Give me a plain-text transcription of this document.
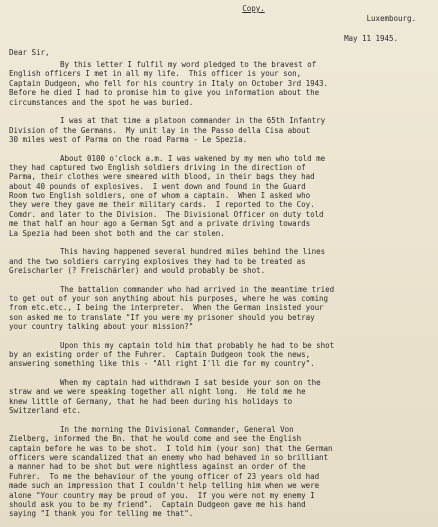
Copy.
Luxembourg.
May 11 1945.
Dear Sir,
By this letter I fulfil my word pledged to the bravest of
English officers I met in all my life.  This officer is your son,
Captain Dudgeon, who fell for his country in Italy on October 3rd 1943.
Before he died I had to promise him to give you information about the
circumstances and the spot he was buried.
I was at that time a platoon commander in the 65th Infantry
Division of the Germans.  My unit lay in the Passo della Cisa about
30 miles west of Parma on the road Parma - Le Spezia.
About 0100 o'clock a.m. I was wakened by my men who told me
they had captured two English soldiers driving in the direction of
Parma, their clothes were smeared with blood, in their bags they had
about 40 pounds of explosives.  I went down and found in the Guard
Room two English soldiers, one of whom a captain.  When I asked who
they were they gave me their military cards.  I reported to the Coy.
Comdr. and later to the Division.  The Divisional Officer on duty told
me that half an hour ago a German Sgt and a private driving towards
La Spezia had been shot both and the car stolen.
This having happened several hundred miles behind the lines
and the two soldiers carrying explosives they had to be treated as
Greischarler (? Freischärler) and would probably be shot.
The battalion commander who had arrived in the meantime tried
to get out of your son anything about his purposes, where he was coming
from etc.etc., I being the interpreter.  When the German insisted your
son asked me to translate "If you were my prisoner should you betray
your country talking about your mission?"
Upon this my captain told him that probably he had to be shot
by an existing order of the Fuhrer.  Captain Dudgeon took the news,
answering something like this - "All right I'll die for my country".
When my captain had withdrawn I sat beside your son on the
straw and we were speaking together all night long.  He told me he
knew little of Germany, that he had been during his holidays to
Switzerland etc.
In the morning the Divisional Commander, General Von
Zielberg, informed the Bn. that he would come and see the English
captain before he was to be shot.  I told him (your son) that the German
officers were scandalized that an enemy who had behaved in so brilliant
a manner had to be shot but were nightless against an order of the
Fuhrer.  To me the behaviour of the young officer of 23 years old had
made such an impression that I couldn't help telling him when we were
alone "Your country may be proud of you.  If you were not my enemy I
should ask you to be my friend".  Captain Dudgeon gave me his hand
saying "I thank you for telling me that".
